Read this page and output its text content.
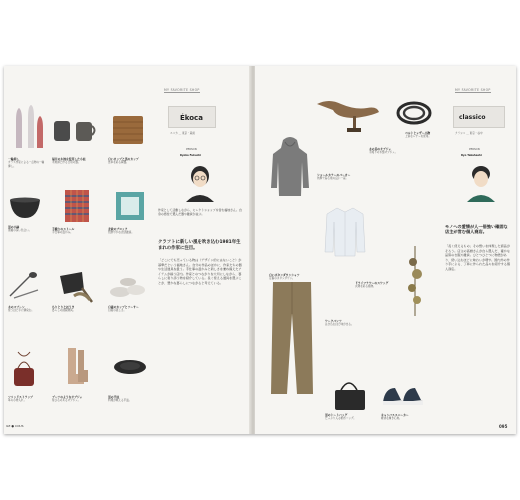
MY FAVORITE SHOP
Ékoca
エコカ ＿ 東京・蔵前
PERSON
Kyoko Fukuchi
作家として活動しながら、セレクトショップを営む福地さん。自身の感性で選んだ器や雑貨が並ぶ。
クラフトに新しい風を吹き込む1981年生まれの作家に注目。
「どこにでも売っている物は（デザイン的にはないこと）が基準だという福地さん。自分の作品のほかに、作家たちの器や生活道具を扱う。手仕事の温かみと新しさを兼ね備えたアイテムが揃う店内。作家とのつながりを大切にしながら、暮らしに寄り添う物を紹介している。長く使える道具を選ぶことが、豊かな暮らしにつながると考えている。
一輪挿し
ガラス作家による一点物の一輪挿し。
福井の木地を使用した小皿
木地師と作る日用の器。
白いカップと黒のカップ
食卓を彩る陶器。
黒の小鉢
黒釉の深い色合い。	手織りのストール
手仕事の温かみ。
北欧のブロック
色鮮やかな北欧雑貨。
木のスプーン
使うほど手に馴染む。
ちりとりとほうき
暮らしの掃除道具。
白磁のカップとソーサー
白磁の美しさ。
ソリッドストラップ
革の小物入れ。
ブーツのようなオブジェ
遊び心のあるオブジェ。
黒の平皿
料理が映える平皿。
ILE ● COUS
MY FAVORITE SHOP
classico
クラシコ ＿ 東京・谷中
PERSON
Ryo Takahashi
モノへの愛情が人一倍強い確固な店主が営む個人商店。
「長く使えるもの」その想いを体現した商品がそろう。店主の高橋さんが自ら選んだ、確かな品質の衣服や雑貨。ひとつひとつに物語があり、使い込むほどに味わいが増す。国内外の作り手による、丁寧に作られた品々を紹介する個人商店。
ショールカラーのパーカー
肉厚で着心地の良い一着。
木の鳥のオブジェ
手彫りの木製オブジェ。
ベルトとレザー小物
上質なレザーを使用。
白いボタンダウンシャツ
定番のボタンダウン。
ドライフラワーのスワッグ
玄関を彩る植物。
ワークパンツ
はき込むほど味が出る。
黒のトートバッグ
たっぷり入る帆布バッグ。
キャンバススニーカー
軽快な履き心地。
095
